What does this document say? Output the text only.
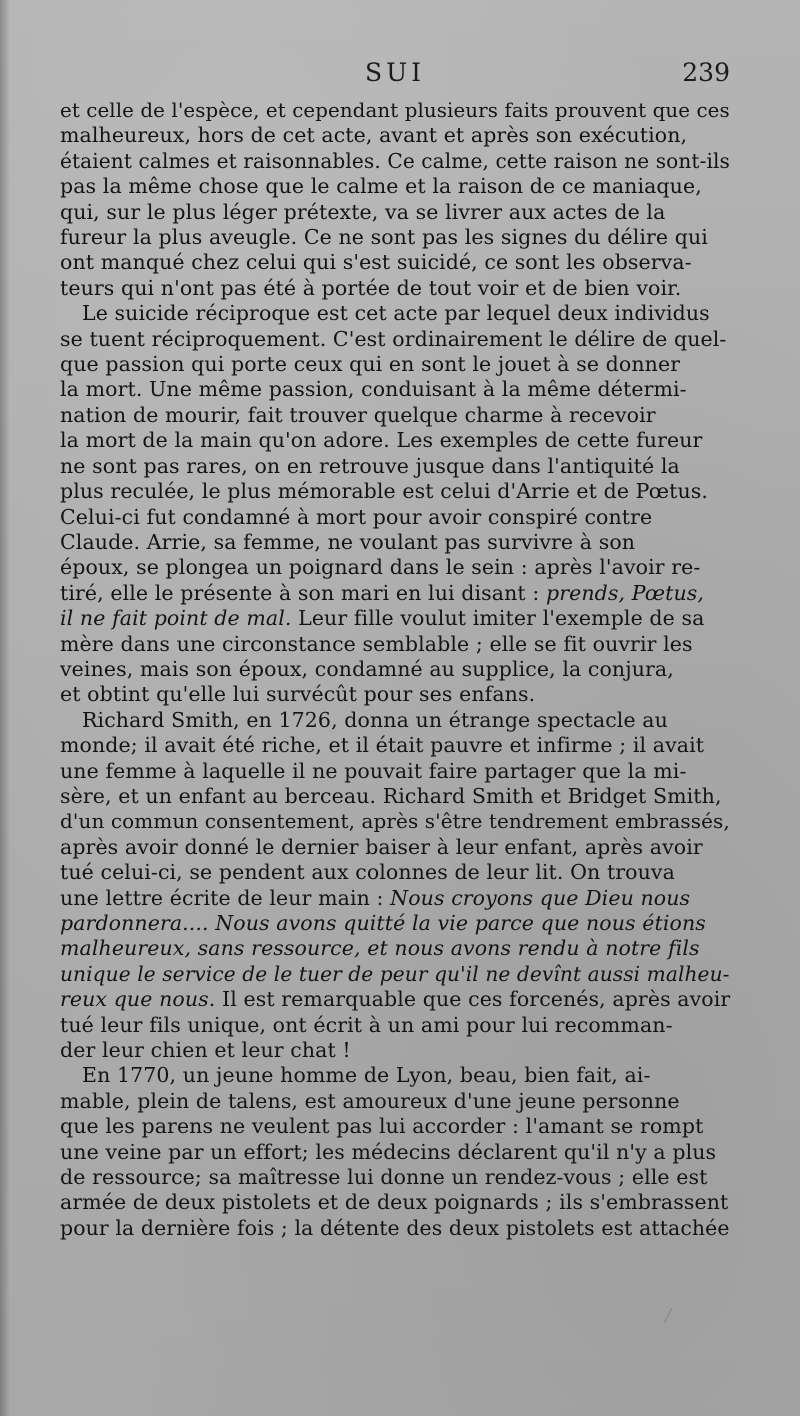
SUI	239
et celle de l'espèce, et cependant plusieurs faits prouvent que ces
malheureux, hors de cet acte, avant et après son exécution,
étaient calmes et raisonnables. Ce calme, cette raison ne sont-ils
pas la même chose que le calme et la raison de ce maniaque,
qui, sur le plus léger prétexte, va se livrer aux actes de la
fureur la plus aveugle. Ce ne sont pas les signes du délire qui
ont manqué chez celui qui s'est suicidé, ce sont les observa-
teurs qui n'ont pas été à portée de tout voir et de bien voir.
Le suicide réciproque est cet acte par lequel deux individus
se tuent réciproquement. C'est ordinairement le délire de quel-
que passion qui porte ceux qui en sont le jouet à se donner
la mort. Une même passion, conduisant à la même détermi-
nation de mourir, fait trouver quelque charme à recevoir
la mort de la main qu'on adore. Les exemples de cette fureur
ne sont pas rares, on en retrouve jusque dans l'antiquité la
plus reculée, le plus mémorable est celui d'Arrie et de Pœtus.
Celui-ci fut condamné à mort pour avoir conspiré contre
Claude. Arrie, sa femme, ne voulant pas survivre à son
époux, se plongea un poignard dans le sein : après l'avoir re-
tiré, elle le présente à son mari en lui disant : prends, Pœtus,
il ne fait point de mal. Leur fille voulut imiter l'exemple de sa
mère dans une circonstance semblable ; elle se fit ouvrir les
veines, mais son époux, condamné au supplice, la conjura,
et obtint qu'elle lui survécût pour ses enfans.
Richard Smith, en 1726, donna un étrange spectacle au
monde; il avait été riche, et il était pauvre et infirme ; il avait
une femme à laquelle il ne pouvait faire partager que la mi-
sère, et un enfant au berceau. Richard Smith et Bridget Smith,
d'un commun consentement, après s'être tendrement embrassés,
après avoir donné le dernier baiser à leur enfant, après avoir
tué celui-ci, se pendent aux colonnes de leur lit. On trouva
une lettre écrite de leur main : Nous croyons que Dieu nous
pardonnera.... Nous avons quitté la vie parce que nous étions
malheureux, sans ressource, et nous avons rendu à notre fils
unique le service de le tuer de peur qu'il ne devînt aussi malheu-
reux que nous. Il est remarquable que ces forcenés, après avoir
tué leur fils unique, ont écrit à un ami pour lui recomman-
der leur chien et leur chat !
En 1770, un jeune homme de Lyon, beau, bien fait, ai-
mable, plein de talens, est amoureux d'une jeune personne
que les parens ne veulent pas lui accorder : l'amant se rompt
une veine par un effort; les médecins déclarent qu'il n'y a plus
de ressource; sa maîtresse lui donne un rendez-vous ; elle est
armée de deux pistolets et de deux poignards ; ils s'embrassent
pour la dernière fois ; la détente des deux pistolets est attachée
/
